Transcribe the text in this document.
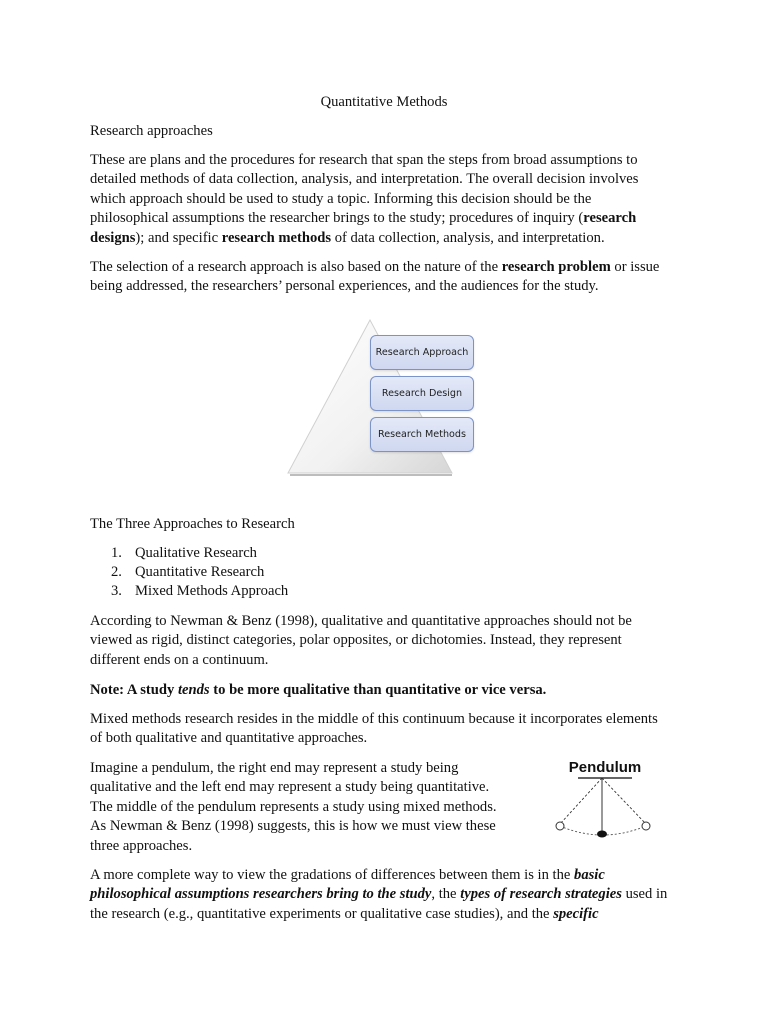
Quantitative Methods

Research approaches

These are plans and the procedures for research that span the steps from broad assumptions to detailed methods of data collection, analysis, and interpretation. The overall decision involves which approach should be used to study a topic. Informing this decision should be the philosophical assumptions the researcher brings to the study; procedures of inquiry (research designs); and specific research methods of data collection, analysis, and interpretation.

The selection of a research approach is also based on the nature of the research problem or issue being addressed, the researchers’ personal experiences, and the audiences for the study.

Research Approach
Research Design
Research Methods

The Three Approaches to Research

1. Qualitative Research
2. Quantitative Research
3. Mixed Methods Approach

According to Newman & Benz (1998), qualitative and quantitative approaches should not be viewed as rigid, distinct categories, polar opposites, or dichotomies. Instead, they represent different ends on a continuum.

Note: A study tends to be more qualitative than quantitative or vice versa.

Mixed methods research resides in the middle of this continuum because it incorporates elements of both qualitative and quantitative approaches.

Imagine a pendulum, the right end may represent a study being qualitative and the left end may represent a study being quantitative. The middle of the pendulum represents a study using mixed methods. As Newman & Benz (1998) suggests, this is how we must view these three approaches.

Pendulum

A more complete way to view the gradations of differences between them is in the basic philosophical assumptions researchers bring to the study, the types of research strategies used in the research (e.g., quantitative experiments or qualitative case studies), and the specific
